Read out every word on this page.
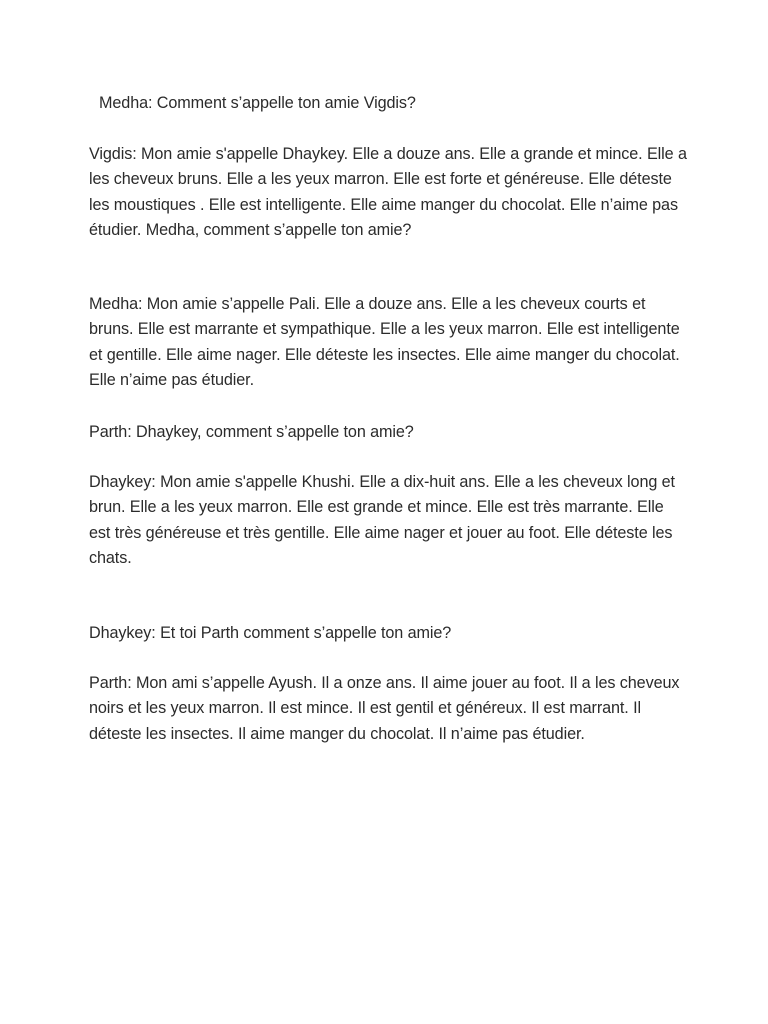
Medha: Comment s’appelle ton amie Vigdis?

Vigdis: Mon amie s'appelle Dhaykey. Elle a douze ans. Elle a grande et mince. Elle a les cheveux bruns. Elle a les yeux marron. Elle est forte et généreuse. Elle déteste les moustiques . Elle est intelligente. Elle aime manger du chocolat. Elle n’aime pas étudier. Medha, comment s’appelle ton amie?

Medha: Mon amie s’appelle Pali. Elle a douze ans. Elle a les cheveux courts et bruns. Elle est marrante et sympathique. Elle a les yeux marron. Elle est intelligente et gentille. Elle aime nager. Elle déteste les insectes. Elle aime manger du chocolat. Elle n’aime pas étudier.

Parth: Dhaykey, comment s’appelle ton amie?

Dhaykey: Mon amie s'appelle Khushi. Elle a dix-huit ans. Elle a les cheveux long et brun. Elle a les yeux marron. Elle est grande et mince. Elle est très marrante. Elle est très généreuse et très gentille. Elle aime nager et jouer au foot. Elle déteste les chats.

Dhaykey: Et toi Parth comment s’appelle ton amie?

Parth: Mon ami s’appelle Ayush. Il a onze ans. Il aime jouer au foot. Il a les cheveux noirs et les yeux marron. Il est mince. Il est gentil et généreux. Il est marrant. Il déteste les insectes. Il aime manger du chocolat. Il n’aime pas étudier.
